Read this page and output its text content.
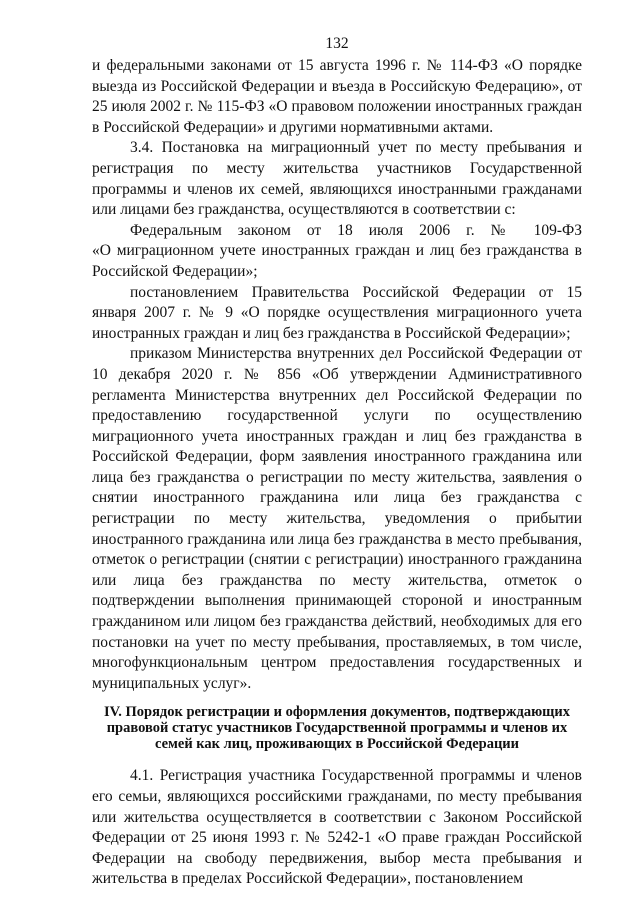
132

и федеральными законами от 15 августа 1996 г. № 114-ФЗ «О порядке выезда из Российской Федерации и въезда в Российскую Федерацию», от 25 июля 2002 г. № 115-ФЗ «О правовом положении иностранных граждан в Российской Федерации» и другими нормативными актами.

3.4. Постановка на миграционный учет по месту пребывания и регистрация по месту жительства участников Государственной программы и членов их семей, являющихся иностранными гражданами или лицами без гражданства, осуществляются в соответствии с:

Федеральным законом от 18 июля 2006 г. № 109-ФЗ

«О миграционном учете иностранных граждан и лиц без гражданства в Российской Федерации»;

постановлением Правительства Российской Федерации от 15 января 2007 г. № 9 «О порядке осуществления миграционного учета иностранных граждан и лиц без гражданства в Российской Федерации»;

приказом Министерства внутренних дел Российской Федерации от 10 декабря 2020 г. № 856 «Об утверждении Административного регламента Министерства внутренних дел Российской Федерации по предоставлению государственной услуги по осуществлению миграционного учета иностранных граждан и лиц без гражданства в Российской Федерации, форм заявления иностранного гражданина или лица без гражданства о регистрации по месту жительства, заявления о снятии иностранного гражданина или лица без гражданства с регистрации по месту жительства, уведомления о прибытии иностранного гражданина или лица без гражданства в место пребывания, отметок о регистрации (снятии с регистрации) иностранного гражданина или лица без гражданства по месту жительства, отметок о подтверждении выполнения принимающей стороной и иностранным гражданином или лицом без гражданства действий, необходимых для его постановки на учет по месту пребывания, проставляемых, в том числе, многофункциональным центром предоставления государственных и муниципальных услуг».

IV. Порядок регистрации и оформления документов, подтверждающих правовой статус участников Государственной программы и членов их семей как лиц, проживающих в Российской Федерации

4.1. Регистрация участника Государственной программы и членов его семьи, являющихся российскими гражданами, по месту пребывания или жительства осуществляется в соответствии с Законом Российской Федерации от 25 июня 1993 г. № 5242-1 «О праве граждан Российской Федерации на свободу передвижения, выбор места пребывания и жительства в пределах Российской Федерации», постановлением
